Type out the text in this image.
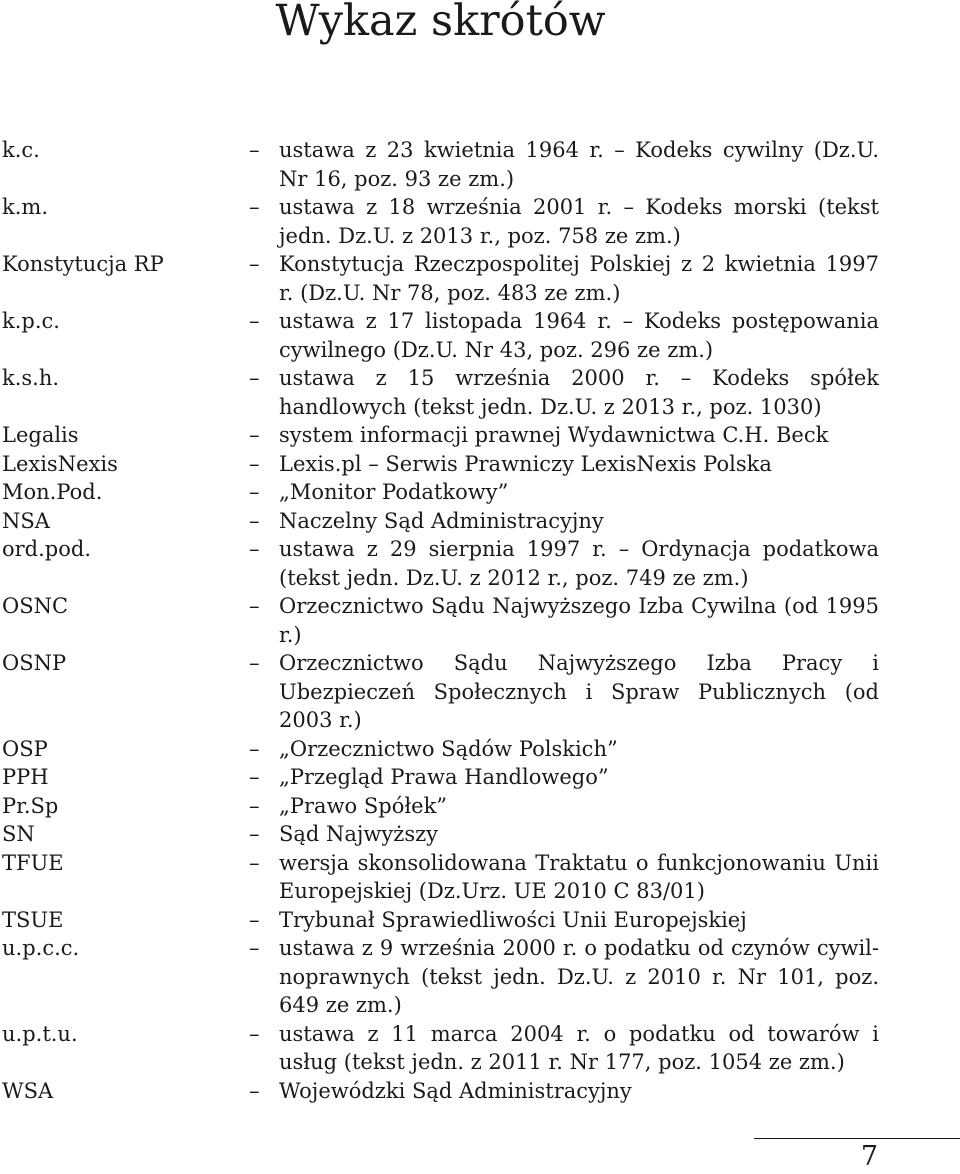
Wykaz skrótów
k.c.	– ustawa z 23 kwietnia 1964 r. – Kodeks cywilny (Dz.U. Nr 16, poz. 93 ze zm.)
k.m.	– ustawa z 18 września 2001 r. – Kodeks morski (tekst jedn. Dz.U. z 2013 r., poz. 758 ze zm.)
Konstytucja RP	– Konstytucja Rzeczpospolitej Polskiej z 2 kwietnia 1997 r. (Dz.U. Nr 78, poz. 483 ze zm.)
k.p.c.	– ustawa z 17 listopada 1964 r. – Kodeks postępowania cywilnego (Dz.U. Nr 43, poz. 296 ze zm.)
k.s.h.	– ustawa z 15 września 2000 r. – Kodeks spółek handlowych (tekst jedn. Dz.U. z 2013 r., poz. 1030)
Legalis	– system informacji prawnej Wydawnictwa C.H. Beck
LexisNexis	– Lexis.pl – Serwis Prawniczy LexisNexis Polska
Mon.Pod.	– „Monitor Podatkowy”
NSA	– Naczelny Sąd Administracyjny
ord.pod.	– ustawa z 29 sierpnia 1997 r. – Ordynacja podatkowa (tekst jedn. Dz.U. z 2012 r., poz. 749 ze zm.)
OSNC	– Orzecznictwo Sądu Najwyższego Izba Cywilna (od 1995 r.)
OSNP	– Orzecznictwo Sądu Najwyższego Izba Pracy i Ubezpieczeń Społecznych i Spraw Publicznych (od 2003 r.)
OSP	– „Orzecznictwo Sądów Polskich”
PPH	– „Przegląd Prawa Handlowego”
Pr.Sp	– „Prawo Spółek”
SN	– Sąd Najwyższy
TFUE	– wersja skonsolidowana Traktatu o funkcjonowaniu Unii Europejskiej (Dz.Urz. UE 2010 C 83/01)
TSUE	– Trybunał Sprawiedliwości Unii Europejskiej
u.p.c.c.	– ustawa z 9 września 2000 r. o podatku od czynów cywilnoprawnych (tekst jedn. Dz.U. z 2010 r. Nr 101, poz. 649 ze zm.)
u.p.t.u.	– ustawa z 11 marca 2004 r. o podatku od towarów i usług (tekst jedn. z 2011 r. Nr 177, poz. 1054 ze zm.)
WSA	– Wojewódzki Sąd Administracyjny
7
